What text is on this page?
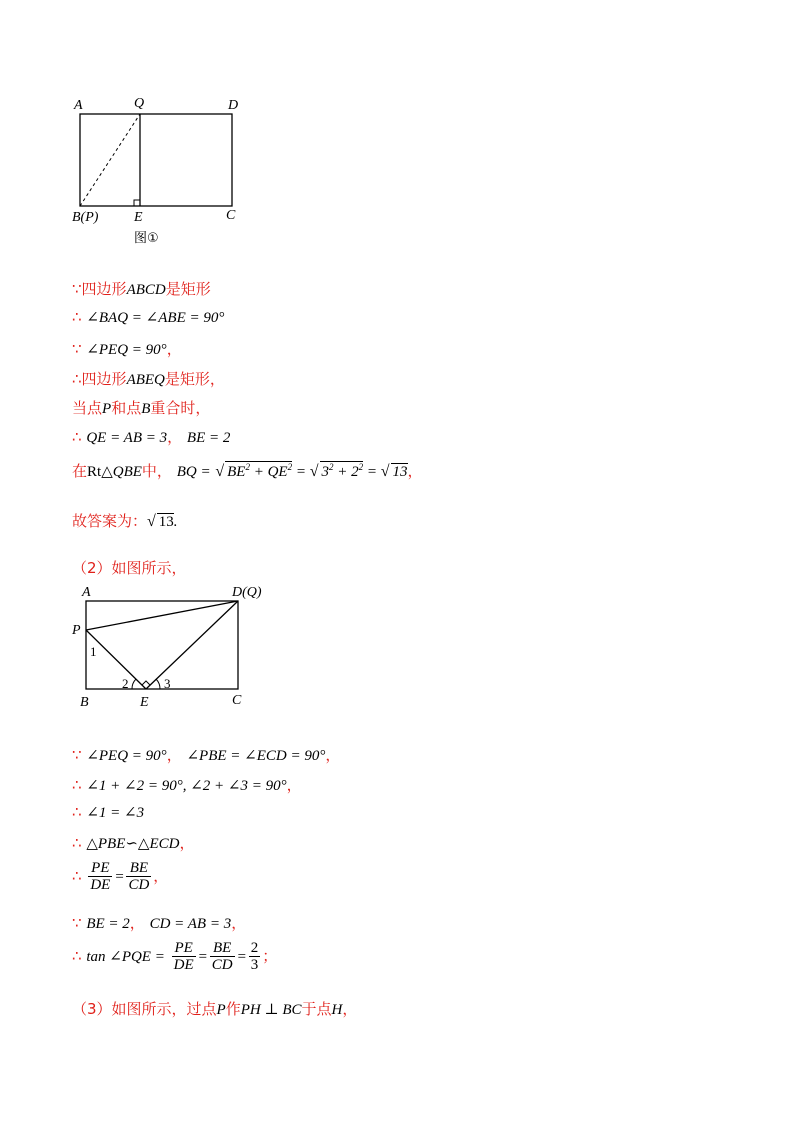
A	Q	D
B(P)	E	C
图①
∵四边形ABCD是矩形
∴ ∠BAQ = ∠ABE = 90°
∵ ∠PEQ = 90°，
∴四边形ABEQ是矩形，
当点P和点B重合时，
∴ QE = AB = 3， BE = 2
在Rt△QBE中， BQ = √ $BE^2 + QE^2$ = √ $3^2 + 2^2$ = √ 13，
故答案为：√ 13.
（2）如图所示，
A	D(Q)
P
1
2	3
B	E	C
∵ ∠PEQ = 90°， ∠PBE = ∠ECD = 90°，
∴ ∠1 + ∠2 = 90°, ∠2 + ∠3 = 90°，
∴ ∠1 = ∠3
∴ △PBE∽△ECD，
∴ $\frac{PE}{DE} = \frac{BE}{CD}$ ，
∵ BE = 2， CD = AB = 3，
∴ tan ∠PQE = $\frac{PE}{DE} = \frac{BE}{CD} = \frac{2}{3}$ ；
（3）如图所示，过点P作PH ⊥ BC于点H，
